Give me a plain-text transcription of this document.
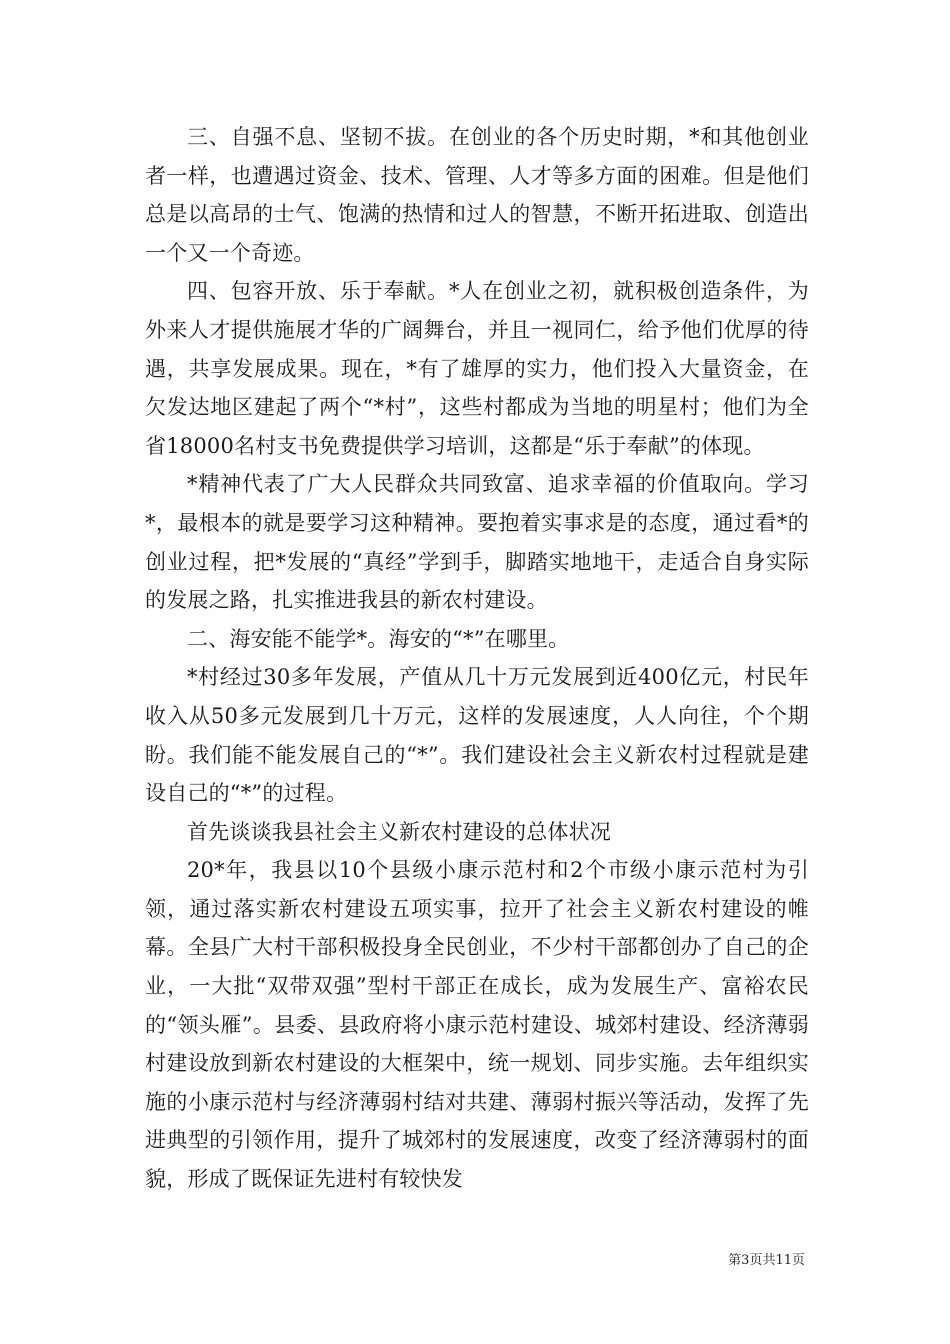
三、自强不息、坚韧不拔。在创业的各个历史时期，*和其他创业者一样，也遭遇过资金、技术、管理、人才等多方面的困难。但是他们总是以高昂的士气、饱满的热情和过人的智慧，不断开拓进取、创造出一个又一个奇迹。

四、包容开放、乐于奉献。*人在创业之初，就积极创造条件，为外来人才提供施展才华的广阔舞台，并且一视同仁，给予他们优厚的待遇，共享发展成果。现在，*有了雄厚的实力，他们投入大量资金，在欠发达地区建起了两个“*村”，这些村都成为当地的明星村；他们为全省18000名村支书免费提供学习培训，这都是“乐于奉献”的体现。

*精神代表了广大人民群众共同致富、追求幸福的价值取向。学习*，最根本的就是要学习这种精神。要抱着实事求是的态度，通过看*的创业过程，把*发展的“真经”学到手，脚踏实地地干，走适合自身实际的发展之路，扎实推进我县的新农村建设。

二、海安能不能学*。海安的“*”在哪里。

*村经过30多年发展，产值从几十万元发展到近400亿元，村民年收入从50多元发展到几十万元，这样的发展速度，人人向往，个个期盼。我们能不能发展自己的“*”。我们建设社会主义新农村过程就是建设自己的“*”的过程。

首先谈谈我县社会主义新农村建设的总体状况

20*年，我县以10个县级小康示范村和2个市级小康示范村为引领，通过落实新农村建设五项实事，拉开了社会主义新农村建设的帷幕。全县广大村干部积极投身全民创业，不少村干部都创办了自己的企业，一大批“双带双强”型村干部正在成长，成为发展生产、富裕农民的“领头雁”。县委、县政府将小康示范村建设、城郊村建设、经济薄弱村建设放到新农村建设的大框架中，统一规划、同步实施。去年组织实施的小康示范村与经济薄弱村结对共建、薄弱村振兴等活动，发挥了先进典型的引领作用，提升了城郊村的发展速度，改变了经济薄弱村的面貌，形成了既保证先进村有较快发

第3页共11页
